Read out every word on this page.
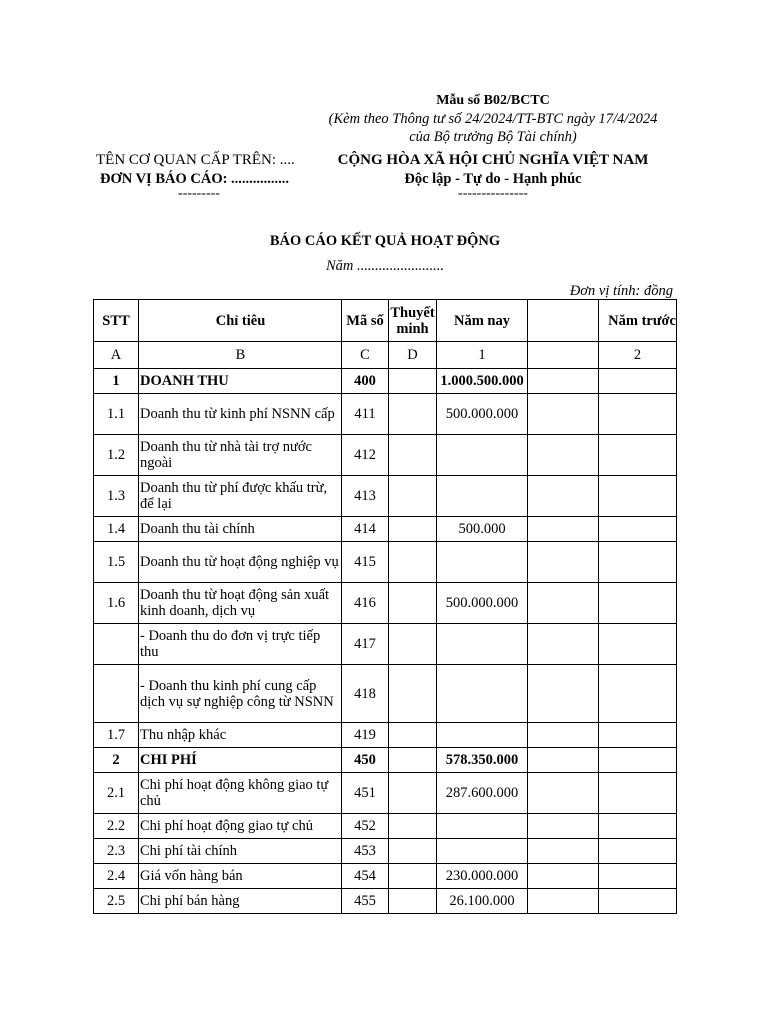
Mẫu số B02/BCTC
(Kèm theo Thông tư số 24/2024/TT-BTC ngày 17/4/2024
của Bộ trưởng Bộ Tài chính)
TÊN CƠ QUAN CẤP TRÊN: ....
ĐƠN VỊ BÁO CÁO: ................
---------
CỘNG HÒA XÃ HỘI CHỦ NGHĨA VIỆT NAM
Độc lập - Tự do - Hạnh phúc
---------------
BÁO CÁO KẾT QUẢ HOẠT ĐỘNG
Năm ........................
Đơn vị tính: đồng
STT	Chỉ tiêu	Mã số	Thuyết minh	Năm nay		Năm trước
A	B	C	D	1		2
1	DOANH THU	400		1.000.500.000		
1.1	Doanh thu từ kinh phí NSNN cấp	411		500.000.000		
1.2	Doanh thu từ nhà tài trợ nước ngoài	412				
1.3	Doanh thu từ phí được khấu trừ, để lại	413				
1.4	Doanh thu tài chính	414		500.000		
1.5	Doanh thu từ hoạt động nghiệp vụ	415				
1.6	Doanh thu từ hoạt động sản xuất kinh doanh, dịch vụ	416		500.000.000		
	- Doanh thu do đơn vị trực tiếp thu	417				
	- Doanh thu kinh phí cung cấp dịch vụ sự nghiệp công từ NSNN	418				
1.7	Thu nhập khác	419				
2	CHI PHÍ	450		578.350.000		
2.1	Chi phí hoạt động không giao tự chủ	451		287.600.000		
2.2	Chi phí hoạt động giao tự chủ	452				
2.3	Chi phí tài chính	453				
2.4	Giá vốn hàng bán	454		230.000.000		
2.5	Chi phí bán hàng	455		26.100.000		
